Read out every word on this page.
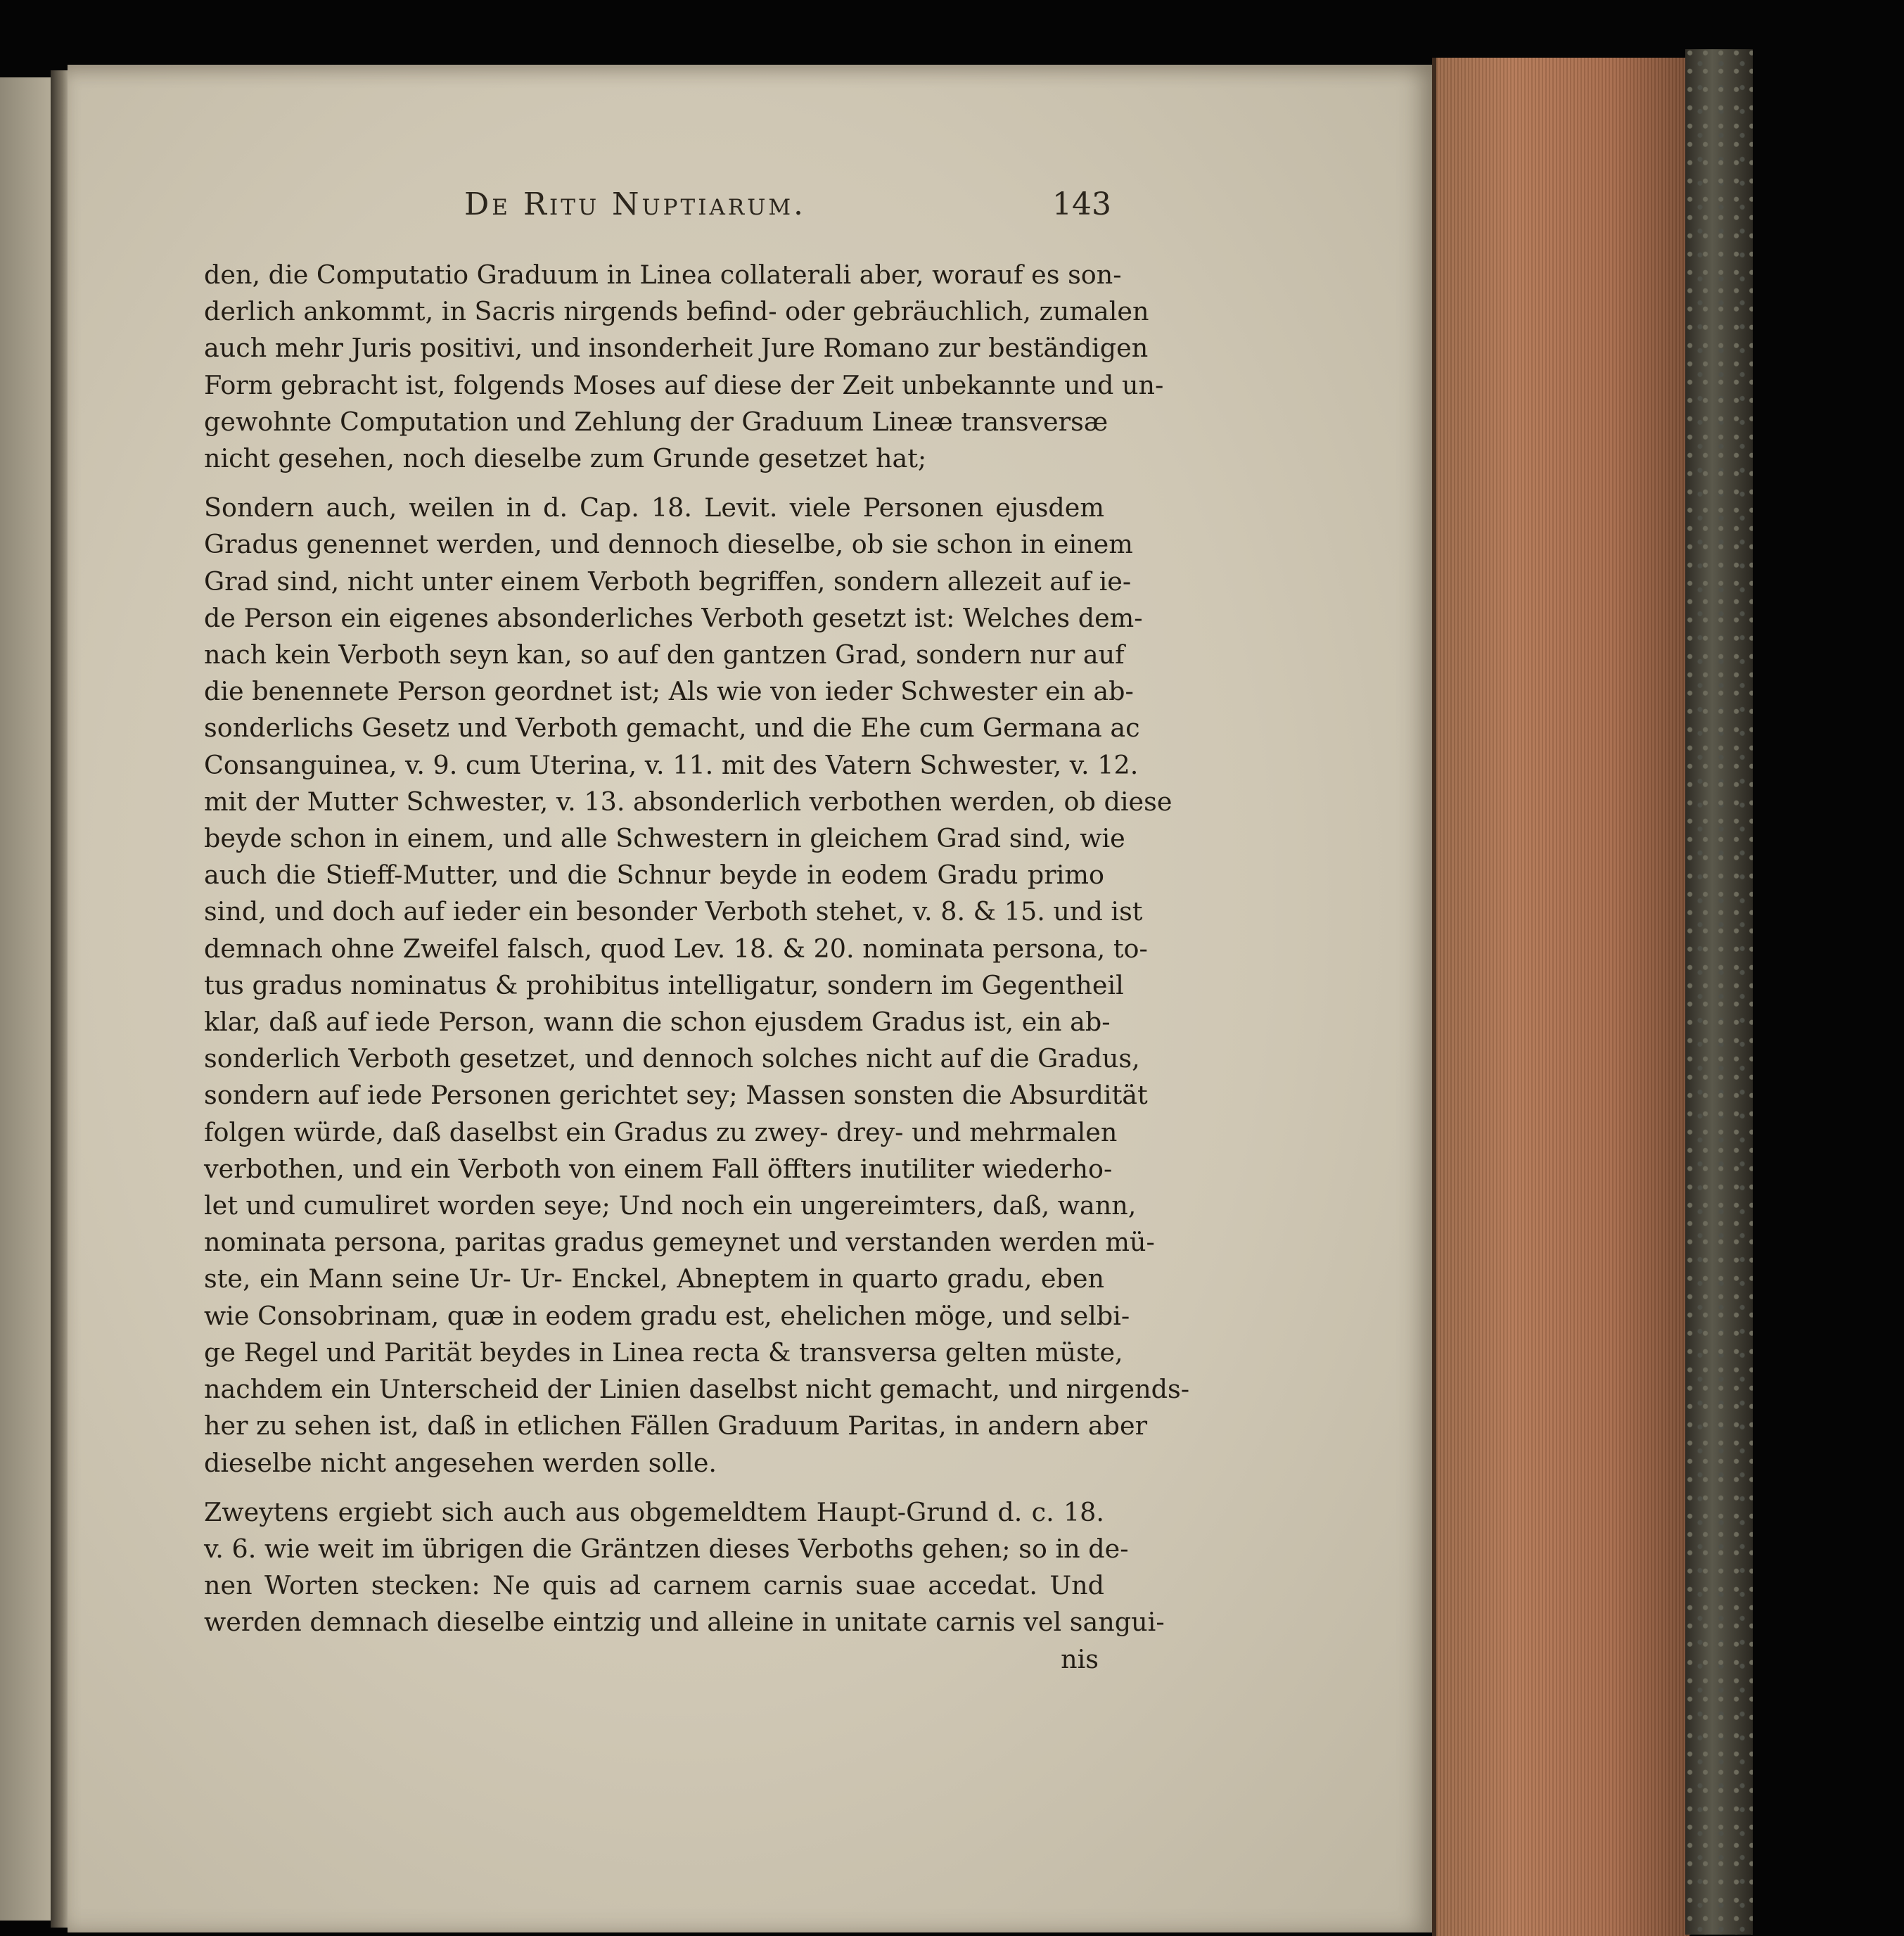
De Ritu Nuptiarum.	143
den, die Computatio Graduum in Linea collaterali aber, worauf es son-
derlich ankommt, in Sacris nirgends befind- oder gebräuchlich, zumalen
auch mehr Juris positivi, und insonderheit Jure Romano zur beständigen
Form gebracht ist, folgends Moses auf diese der Zeit unbekannte und un-
gewohnte Computation und Zehlung der Graduum Lineæ transversæ
nicht gesehen, noch dieselbe zum Grunde gesetzet hat;
Sondern auch, weilen in d. Cap. 18. Levit. viele Personen ejusdem
Gradus genennet werden, und dennoch dieselbe, ob sie schon in einem
Grad sind, nicht unter einem Verboth begriffen, sondern allezeit auf ie-
de Person ein eigenes absonderliches Verboth gesetzt ist: Welches dem-
nach kein Verboth seyn kan, so auf den gantzen Grad, sondern nur auf
die benennete Person geordnet ist; Als wie von ieder Schwester ein ab-
sonderlichs Gesetz und Verboth gemacht, und die Ehe cum Germana ac
Consanguinea, v. 9. cum Uterina, v. 11. mit des Vatern Schwester, v. 12.
mit der Mutter Schwester, v. 13. absonderlich verbothen werden, ob diese
beyde schon in einem, und alle Schwestern in gleichem Grad sind, wie
auch die Stieff-Mutter, und die Schnur beyde in eodem Gradu primo
sind, und doch auf ieder ein besonder Verboth stehet, v. 8. & 15. und ist
demnach ohne Zweifel falsch, quod Lev. 18. & 20. nominata persona, to-
tus gradus nominatus & prohibitus intelligatur, sondern im Gegentheil
klar, daß auf iede Person, wann die schon ejusdem Gradus ist, ein ab-
sonderlich Verboth gesetzet, und dennoch solches nicht auf die Gradus,
sondern auf iede Personen gerichtet sey; Massen sonsten die Absurdität
folgen würde, daß daselbst ein Gradus zu zwey- drey- und mehrmalen
verbothen, und ein Verboth von einem Fall öffters inutiliter wiederho-
let und cumuliret worden seye; Und noch ein ungereimters, daß, wann,
nominata persona, paritas gradus gemeynet und verstanden werden mü-
ste, ein Mann seine Ur- Ur- Enckel, Abneptem in quarto gradu, eben
wie Consobrinam, quæ in eodem gradu est, ehelichen möge, und selbi-
ge Regel und Parität beydes in Linea recta & transversa gelten müste,
nachdem ein Unterscheid der Linien daselbst nicht gemacht, und nirgends-
her zu sehen ist, daß in etlichen Fällen Graduum Paritas, in andern aber
dieselbe nicht angesehen werden solle.
Zweytens ergiebt sich auch aus obgemeldtem Haupt-Grund d. c. 18.
v. 6. wie weit im übrigen die Gräntzen dieses Verboths gehen; so in de-
nen Worten stecken: Ne quis ad carnem carnis suae accedat. Und
werden demnach dieselbe eintzig und alleine in unitate carnis vel sangui-
nis
